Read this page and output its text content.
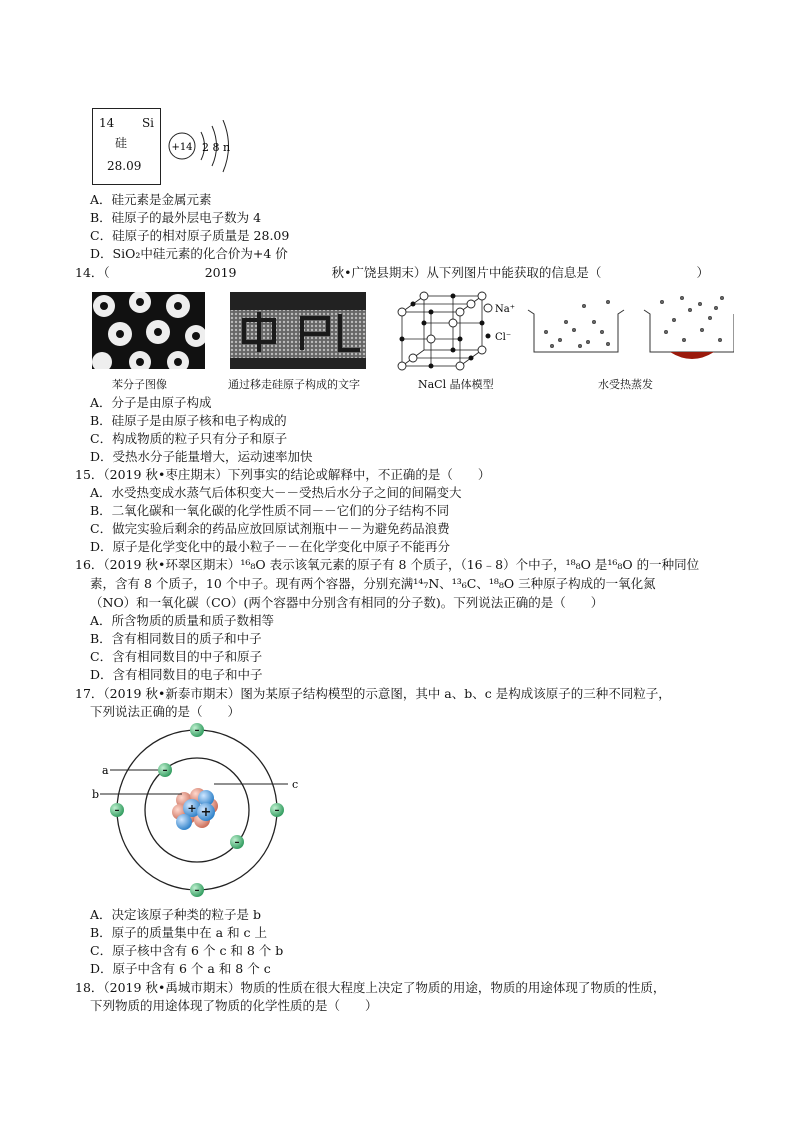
14 Si
硅
28.09
+14 2 8 n
A．硅元素是金属元素
B．硅原子的最外层电子数为 4
C．硅原子的相对原子质量是 28.09
D．SiO₂中硅元素的化合价为+4 价
14．（	2019	秋•广饶县期末）从下列图片中能获取的信息是（	）
苯分子图像	通过移走硅原子构成的文字
Na⁺
Cl⁻
NaCl 晶体模型	水受热蒸发
A．分子是由原子构成
B．硅原子是由原子核和电子构成的
C．构成物质的粒子只有分子和原子
D．受热水分子能量增大，运动速率加快
15．（2019 秋•枣庄期末）下列事实的结论或解释中，不正确的是（　　）
A．水受热变成水蒸气后体积变大－－受热后水分子之间的间隔变大
B．二氧化碳和一氧化碳的化学性质不同－－它们的分子结构不同
C．做完实验后剩余的药品应放回原试剂瓶中－－为避免药品浪费
D．原子是化学变化中的最小粒子－－在化学变化中原子不能再分
16．（2019 秋•环翠区期末）¹⁶₈O 表示该氧元素的原子有 8 个质子，（16﹣8）个中子，¹⁸₈O 是¹⁶₈O 的一种同位
素，含有 8 个质子，10 个中子。现有两个容器，分别充满¹⁴₇N、¹³₆C、¹⁸₈O 三种原子构成的一氧化氮
（NO）和一氧化碳（CO）(两个容器中分别含有相同的分子数)。下列说法正确的是（　　）
A．所含物质的质量和质子数相等
B．含有相同数目的质子和中子
C．含有相同数目的中子和原子
D．含有相同数目的电子和中子
17．（2019 秋•新泰市期末）图为某原子结构模型的示意图，其中 a、b、c 是构成该原子的三种不同粒子，
下列说法正确的是（　　）
+
+
–
–
–	–
–
–
a
b
c
A．决定该原子种类的粒子是 b
B．原子的质量集中在 a 和 c 上
C．原子核中含有 6 个 c 和 8 个 b
D．原子中含有 6 个 a 和 8 个 c
18．（2019 秋•禹城市期末）物质的性质在很大程度上决定了物质的用途，物质的用途体现了物质的性质，
下列物质的用途体现了物质的化学性质的是（　　）
